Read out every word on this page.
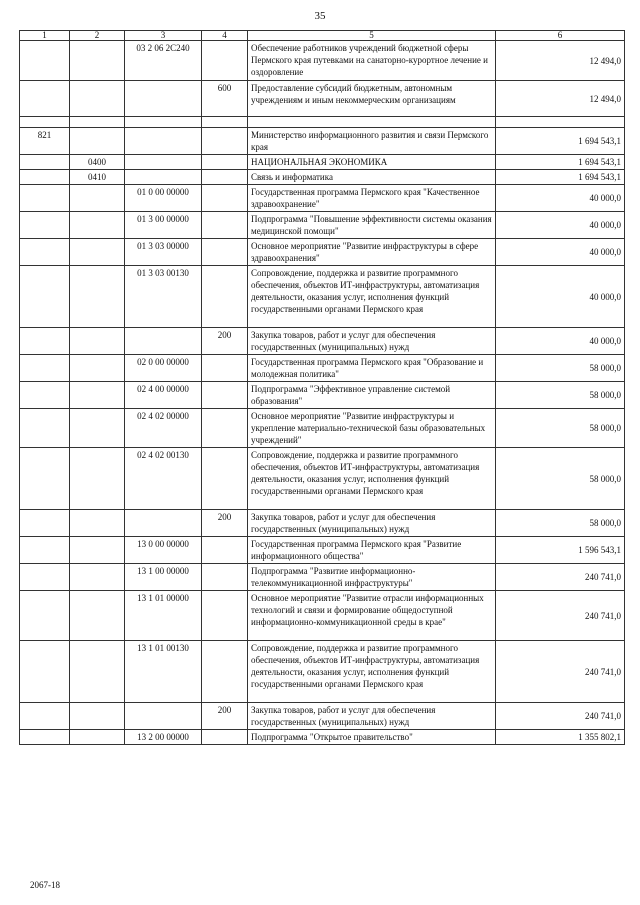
35
1	2	3	4	5	6
		03 2 06 2С240		Обеспечение работников учреждений бюджетной сферы Пермского края путевками на санаторно-курортное лечение и оздоровление	12 494,0
			600	Предоставление субсидий бюджетным, автономным учреждениям и иным некоммерческим организациям	12 494,0

821				Министерство информационного развития и связи Пермского края	1 694 543,1
	0400			НАЦИОНАЛЬНАЯ ЭКОНОМИКА	1 694 543,1
	0410			Связь и информатика	1 694 543,1
		01 0 00 00000		Государственная программа Пермского края "Качественное здравоохранение"	40 000,0
		01 3 00 00000		Подпрограмма "Повышение эффективности системы оказания медицинской помощи"	40 000,0
		01 3 03 00000		Основное мероприятие "Развитие инфраструктуры в сфере здравоохранения"	40 000,0
		01 3 03 00130		Сопровождение, поддержка и развитие программного обеспечения, объектов ИТ-инфраструктуры, автоматизация деятельности, оказания услуг, исполнения функций государственными органами Пермского края	40 000,0
			200	Закупка товаров, работ и услуг для обеспечения государственных (муниципальных) нужд	40 000,0
		02 0 00 00000		Государственная программа Пермского края "Образование и молодежная политика"	58 000,0
		02 4 00 00000		Подпрограмма "Эффективное управление системой образования"	58 000,0
		02 4 02 00000		Основное мероприятие "Развитие инфраструктуры и укрепление материально-технической базы образовательных учреждений"	58 000,0
		02 4 02 00130		Сопровождение, поддержка и развитие программного обеспечения, объектов ИТ-инфраструктуры, автоматизация деятельности, оказания услуг, исполнения функций государственными органами Пермского края	58 000,0
			200	Закупка товаров, работ и услуг для обеспечения государственных (муниципальных) нужд	58 000,0
		13 0 00 00000		Государственная программа Пермского края "Развитие информационного общества"	1 596 543,1
		13 1 00 00000		Подпрограмма "Развитие информационно-телекоммуникационной инфраструктуры"	240 741,0
		13 1 01 00000		Основное мероприятие "Развитие отрасли информационных технологий и связи и формирование общедоступной информационно-коммуникационной среды в крае"	240 741,0
		13 1 01 00130		Сопровождение, поддержка и развитие программного обеспечения, объектов ИТ-инфраструктуры, автоматизация деятельности, оказания услуг, исполнения функций государственными органами Пермского края	240 741,0
			200	Закупка товаров, работ и услуг для обеспечения государственных (муниципальных) нужд	240 741,0
		13 2 00 00000		Подпрограмма "Открытое правительство"	1 355 802,1
2067-18
